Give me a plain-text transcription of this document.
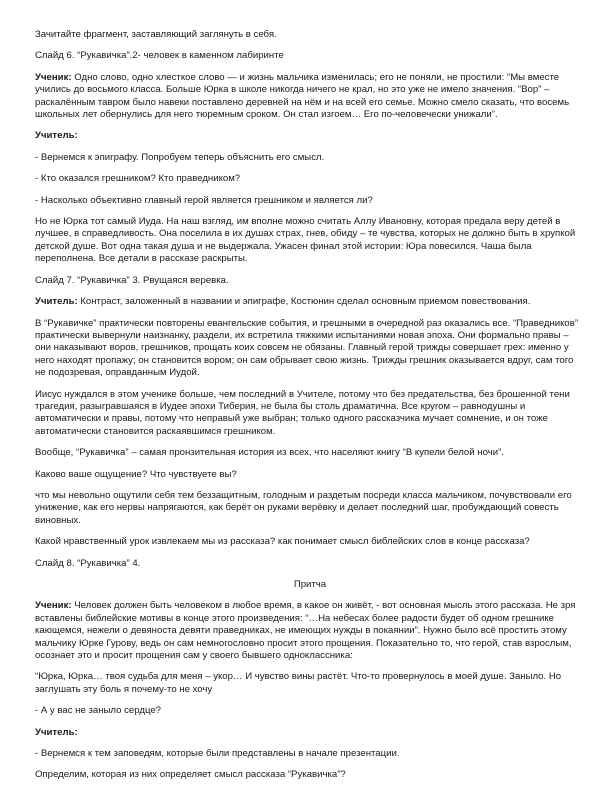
Зачитайте фрагмент, заставляющий заглянуть в себя.
Слайд 6. “Рукавичка”.2- человек в каменном лабиринте
Ученик: Одно слово, одно хлесткое слово — и жизнь мальчика изменилась; его не поняли, не простили: “Мы вместе учились до восьмого класса. Больше Юрка в школе никогда ничего не крал, но это уже не имело значения. “Вор” – раскалённым тавром было навеки поставлено деревней на нём и на всей его семье. Можно смело сказать, что восемь школьных лет обернулись для него тюремным сроком. Он стал изгоем… Его по-человечески унижали”.
Учитель:
- Вернемся к эпиграфу. Попробуем теперь объяснить его смысл.
- Кто оказался грешником? Кто праведником?
- Насколько объективно главный герой является грешником и является ли?
Но не Юрка тот самый Иуда. На наш взгляд, им вполне можно считать Аллу Ивановну, которая предала веру детей в лучшее, в справедливость. Она поселила в их душах страх, гнев, обиду – те чувства, которых не должно быть в хрупкой детской душе. Вот одна такая душа и не выдержала. Ужасен финал этой истории: Юра повесился. Чаша была переполнена. Все детали в рассказе раскрыты.
Слайд 7. “Рукавичка” 3. Рвущаяся веревка.
Учитель: Контраст, заложенный в названии и эпиграфе, Костюнин сделал основным приемом повествования.
В “Рукавичке” практически повторены евангельские события, и грешными в очередной раз оказались все. “Праведников” практически вывернули наизнанку, раздели, их встретила тяжкими испытаниями новая эпоха. Они формально правы – они наказывают воров, грешников, прощать коих совсем не обязаны. Главный герой трижды совершает грех: именно у него находят пропажу; он становится вором; он сам обрывает свою жизнь. Трижды грешник оказывается вдруг, сам того не подозревая, оправданным Иудой.
Иисус нуждался в этом ученике больше, чем последний в Учителе, потому что без предательства, без брошенной тени трагедия, разыгравшаяся в Иудее эпохи Тиберия, не была бы столь драматична. Все кругом – равнодушны и автоматически и правы, потому что неправый уже выбран; только одного рассказчика мучает сомнение, и он тоже автоматически становится раскаявшимся грешником.
Вообще, “Рукавичка” – самая пронзительная история из всех, что населяют книгу “В купели белой ночи”.
Каково ваше ощущение? Что чувствуете вы?
что мы невольно ощутили себя тем беззащитным, голодным и раздетым посреди класса мальчиком, почувствовали его унижение, как его нервы напрягаются, как берёт он руками верёвку и делает последний шаг, пробуждающий совесть виновных.
Какой нравственный урок извлекаем мы из рассказа? как понимает смысл библейских слов в конце рассказа?
Слайд 8. “Рукавичка” 4.
Притча
Ученик: Человек должен быть человеком в любое время, в какое он живёт, - вот основная мысль этого рассказа. Не зря вставлены библейские мотивы в конце этого произведения: “…На небесах более радости будет об одном грешнике кающемся, нежели о девяноста девяти праведниках, не имеющих нужды в покаянии”. Нужно было всё простить этому мальчику Юрке Гурову, ведь он сам немногословно просит этого прощения. Показательно то, что герой, став взрослым, осознает это и просит прощения сам у своего бывшего одноклассника:
“Юрка, Юрка… твоя судьба для меня – укор… И чувство вины растёт. Что-то провернулось в моей душе. Заныло. Но заглушать эту боль я почему-то не хочу
- А у вас не заныло сердце?
Учитель:
- Вернемся к тем заповедям, которые были представлены в начале презентации.
Определим, которая из них определяет смысл рассказа “Рукавичка”?
